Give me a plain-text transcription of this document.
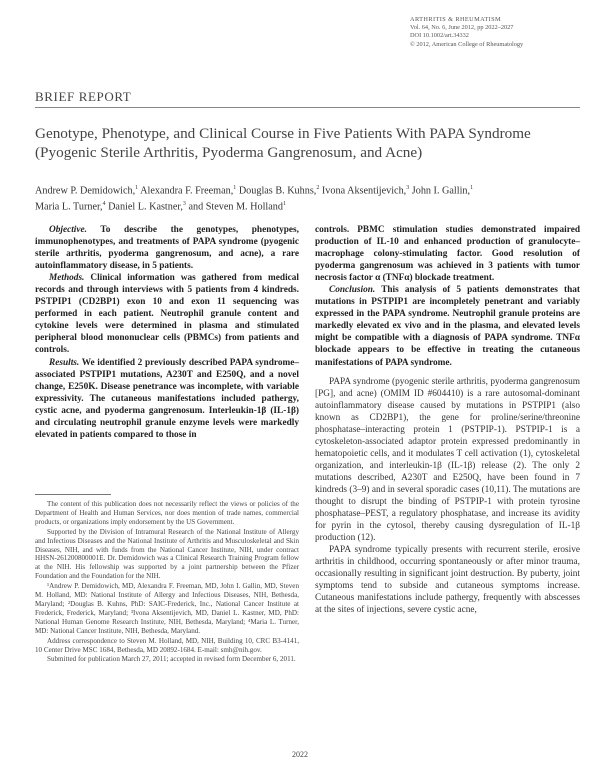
ARTHRITIS & RHEUMATISM
Vol. 64, No. 6, June 2012, pp 2022–2027
DOI 10.1002/art.34332
© 2012, American College of Rheumatology
BRIEF REPORT
Genotype, Phenotype, and Clinical Course in Five Patients With PAPA Syndrome (Pyogenic Sterile Arthritis, Pyoderma Gangrenosum, and Acne)

Andrew P. Demidowich,$^1$ Alexandra F. Freeman,$^1$ Douglas B. Kuhns,$^2$ Ivona Aksentijevich,$^3$ John I. Gallin,$^1$
Maria L. Turner,$^4$ Daniel L. Kastner,$^3$ and Steven M. Holland$^1$

Objective. To describe the genotypes, phenotypes, immunophenotypes, and treatments of PAPA syndrome (pyogenic sterile arthritis, pyoderma gangrenosum, and acne), a rare autoinflammatory disease, in 5 patients.

Methods. Clinical information was gathered from medical records and through interviews with 5 patients from 4 kindreds. PSTPIP1 (CD2BP1) exon 10 and exon 11 sequencing was performed in each patient. Neutrophil granule content and cytokine levels were determined in plasma and stimulated peripheral blood mononuclear cells (PBMCs) from patients and controls.

Results. We identified 2 previously described PAPA syndrome–associated PSTPIP1 mutations, A230T and E250Q, and a novel change, E250K. Disease penetrance was incomplete, with variable expressivity. The cutaneous manifestations included pathergy, cystic acne, and pyoderma gangrenosum. Interleukin-1β (IL-1β) and circulating neutrophil granule enzyme levels were markedly elevated in patients compared to those in

The content of this publication does not necessarily reflect the views or policies of the Department of Health and Human Services, nor does mention of trade names, commercial products, or organizations imply endorsement by the US Government.

Supported by the Division of Intramural Research of the National Institute of Allergy and Infectious Diseases and the National Institute of Arthritis and Musculoskeletal and Skin Diseases, NIH, and with funds from the National Cancer Institute, NIH, under contract HHSN-261200800001E. Dr. Demidowich was a Clinical Research Training Program fellow at the NIH. His fellowship was supported by a joint partnership between the Pfizer Foundation and the Foundation for the NIH.

¹Andrew P. Demidowich, MD, Alexandra F. Freeman, MD, John I. Gallin, MD, Steven M. Holland, MD: National Institute of Allergy and Infectious Diseases, NIH, Bethesda, Maryland; ²Douglas B. Kuhns, PhD: SAIC-Frederick, Inc., National Cancer Institute at Frederick, Frederick, Maryland; ³Ivona Aksentijevich, MD, Daniel L. Kastner, MD, PhD: National Human Genome Research Institute, NIH, Bethesda, Maryland; ⁴Maria L. Turner, MD: National Cancer Institute, NIH, Bethesda, Maryland.

Address correspondence to Steven M. Holland, MD, NIH, Building 10, CRC B3-4141, 10 Center Drive MSC 1684, Bethesda, MD 20892-1684. E-mail: smh@nih.gov.

Submitted for publication March 27, 2011; accepted in revised form December 6, 2011.

controls. PBMC stimulation studies demonstrated impaired production of IL-10 and enhanced production of granulocyte–macrophage colony-stimulating factor. Good resolution of pyoderma gangrenosum was achieved in 3 patients with tumor necrosis factor α (TNFα) blockade treatment.

Conclusion. This analysis of 5 patients demonstrates that mutations in PSTPIP1 are incompletely penetrant and variably expressed in the PAPA syndrome. Neutrophil granule proteins are markedly elevated ex vivo and in the plasma, and elevated levels might be compatible with a diagnosis of PAPA syndrome. TNFα blockade appears to be effective in treating the cutaneous manifestations of PAPA syndrome.

PAPA syndrome (pyogenic sterile arthritis, pyoderma gangrenosum [PG], and acne) (OMIM ID #604410) is a rare autosomal-dominant autoinflammatory disease caused by mutations in PSTPIP1 (also known as CD2BP1), the gene for proline/serine/threonine phosphatase–interacting protein 1 (PSTPIP-1). PSTPIP-1 is a cytoskeleton-associated adaptor protein expressed predominantly in hematopoietic cells, and it modulates T cell activation (1), cytoskeletal organization, and interleukin-1β (IL-1β) release (2). The only 2 mutations described, A230T and E250Q, have been found in 7 kindreds (3–9) and in several sporadic cases (10,11). The mutations are thought to disrupt the binding of PSTPIP-1 with protein tyrosine phosphatase–PEST, a regulatory phosphatase, and increase its avidity for pyrin in the cytosol, thereby causing dysregulation of IL-1β production (12).

PAPA syndrome typically presents with recurrent sterile, erosive arthritis in childhood, occurring spontaneously or after minor trauma, occasionally resulting in significant joint destruction. By puberty, joint symptoms tend to subside and cutaneous symptoms increase. Cutaneous manifestations include pathergy, frequently with abscesses at the sites of injections, severe cystic acne,

2022
